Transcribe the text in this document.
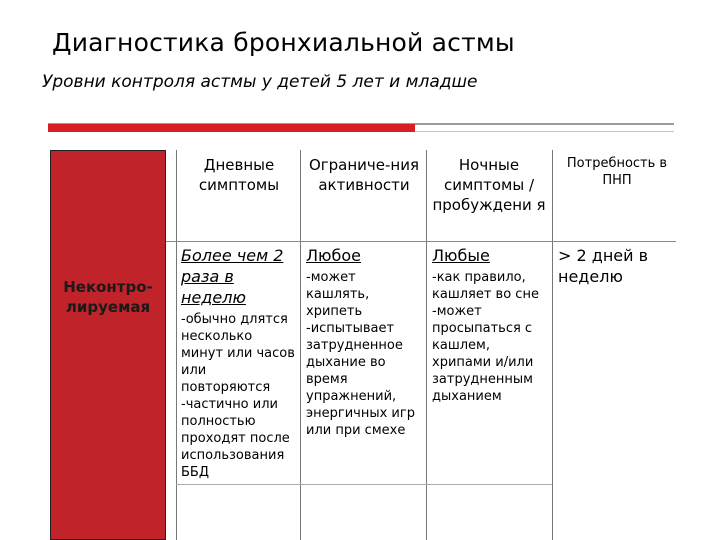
Диагностика бронхиальной астмы
Уровни контроля астмы у детей 5 лет и младше
Неконтро-лируемая
Дневные симптомы
Ограниче-ния активности
Ночные симптомы / пробуждени я
Потребность в ПНП
Более чем 2 раза в неделю
-обычно длятся несколько минут или часов или повторяются -частично или полностью проходят после использования ББД
Любое
-может кашлять, хрипеть -испытывает затрудненное дыхание во время упражнений, энергичных игр или при смехе
Любые
-как правило, кашляет во сне -может просыпаться с кашлем, хрипами и/или затрудненным дыханием
> 2 дней в неделю
